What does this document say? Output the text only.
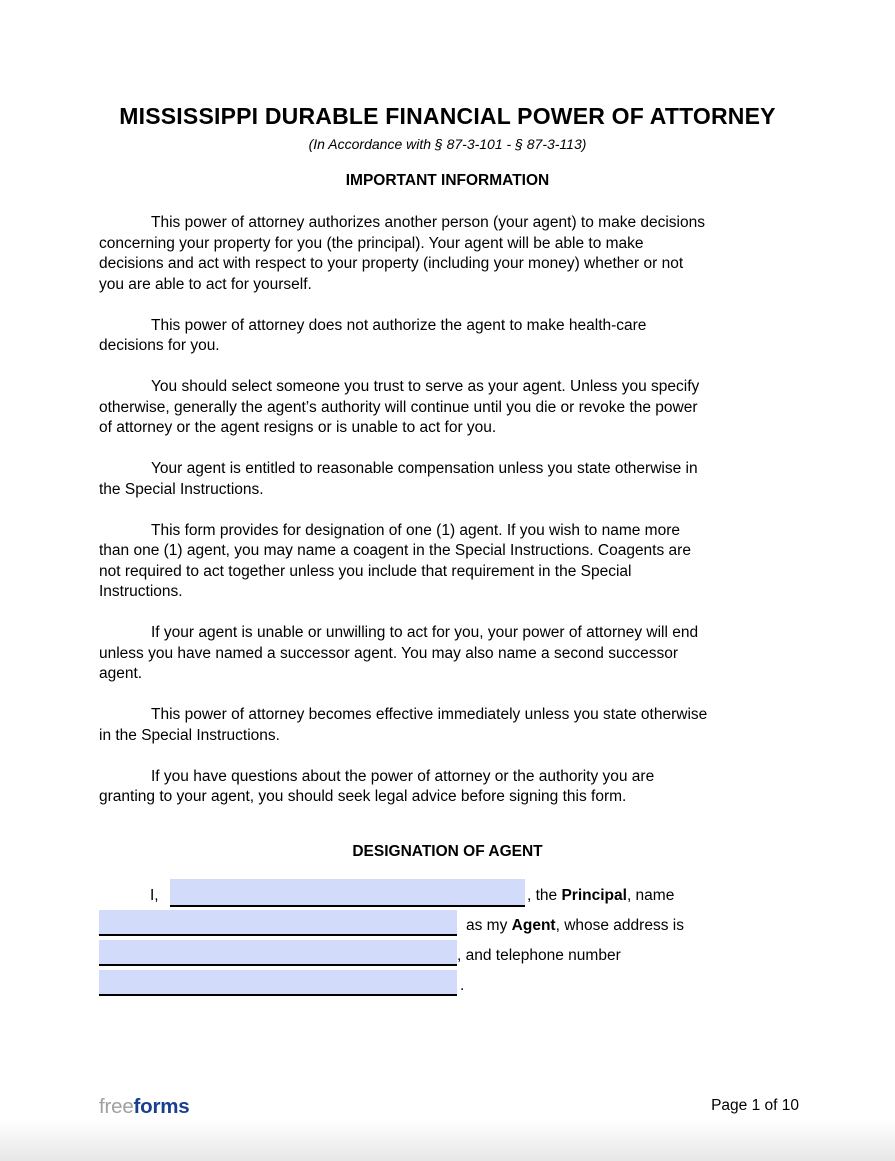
MISSISSIPPI DURABLE FINANCIAL POWER OF ATTORNEY
(In Accordance with § 87-3-101 - § 87-3-113)
IMPORTANT INFORMATION

This power of attorney authorizes another person (your agent) to make decisions
concerning your property for you (the principal). Your agent will be able to make
decisions and act with respect to your property (including your money) whether or not
you are able to act for yourself.

This power of attorney does not authorize the agent to make health-care
decisions for you.

You should select someone you trust to serve as your agent. Unless you specify
otherwise, generally the agent’s authority will continue until you die or revoke the power
of attorney or the agent resigns or is unable to act for you.

Your agent is entitled to reasonable compensation unless you state otherwise in
the Special Instructions.

This form provides for designation of one (1) agent. If you wish to name more
than one (1) agent, you may name a coagent in the Special Instructions. Coagents are
not required to act together unless you include that requirement in the Special
Instructions.

If your agent is unable or unwilling to act for you, your power of attorney will end
unless you have named a successor agent. You may also name a second successor
agent.

This power of attorney becomes effective immediately unless you state otherwise
in the Special Instructions.

If you have questions about the power of attorney or the authority you are
granting to your agent, you should seek legal advice before signing this form.

DESIGNATION OF AGENT
I,	, the Principal, name
as my Agent, whose address is
, and telephone number
.
freeforms	Page 1 of 10
